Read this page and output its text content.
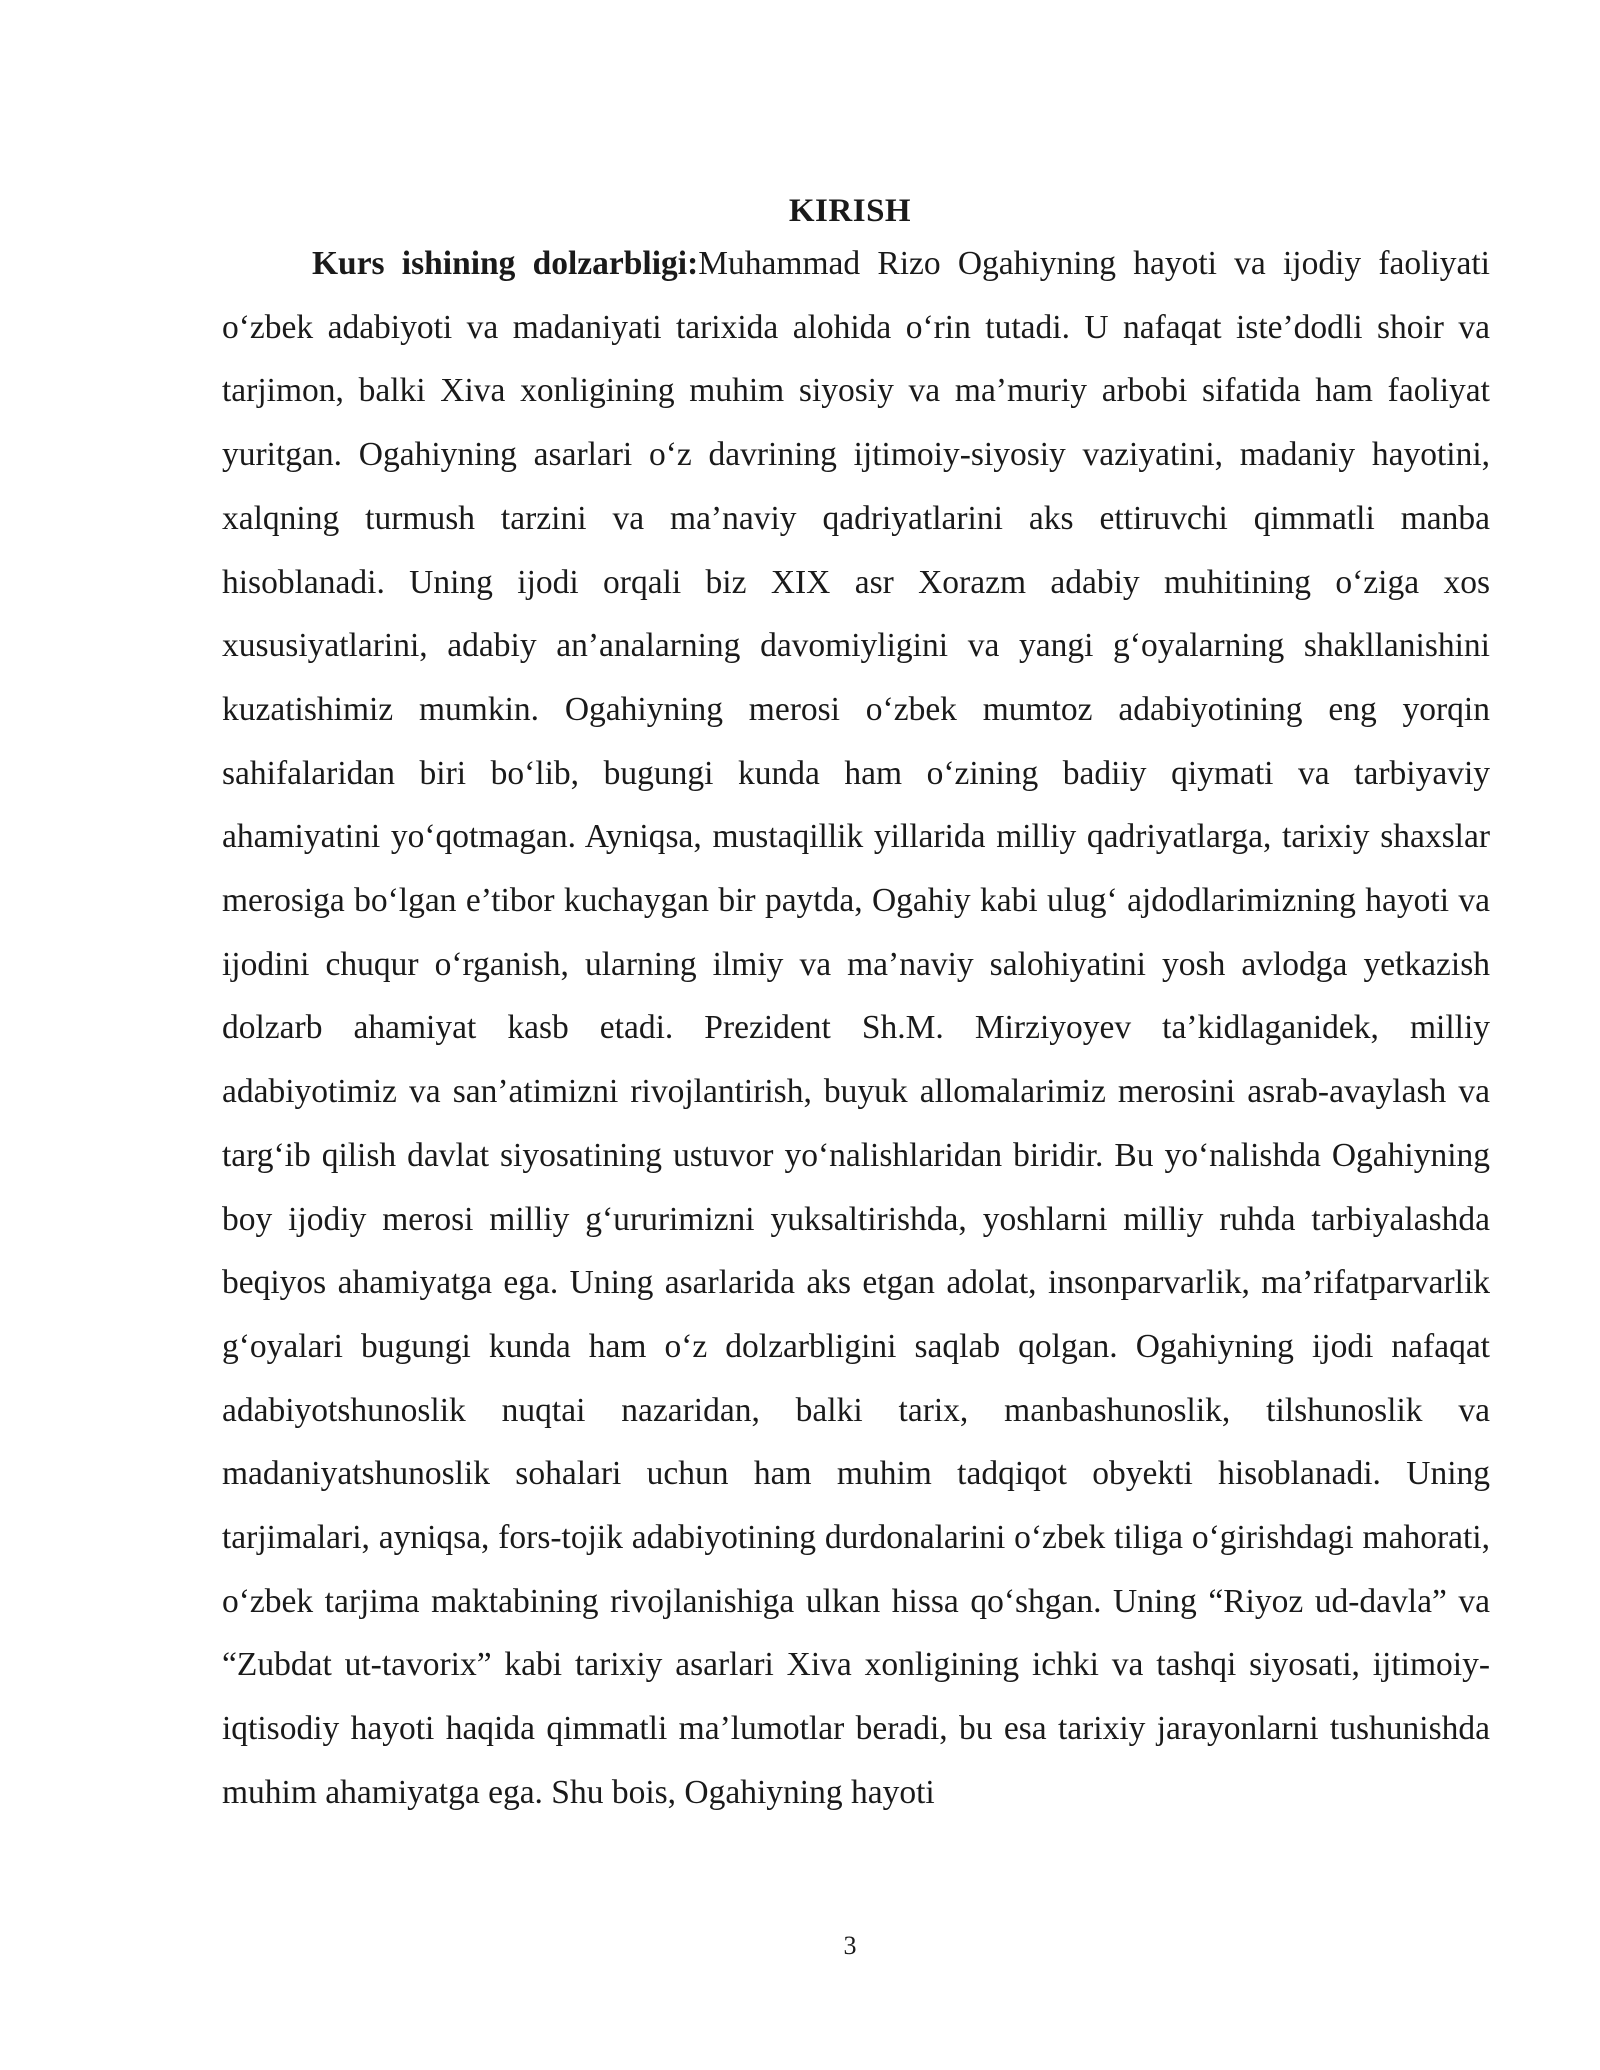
KIRISH

Kurs ishining dolzarbligi:Muhammad Rizo Ogahiyning hayoti va ijodiy faoliyati o‘zbek adabiyoti va madaniyati tarixida alohida o‘rin tutadi. U nafaqat iste’dodli shoir va tarjimon, balki Xiva xonligining muhim siyosiy va ma’muriy arbobi sifatida ham faoliyat yuritgan. Ogahiyning asarlari o‘z davrining ijtimoiy-siyosiy vaziyatini, madaniy hayotini, xalqning turmush tarzini va ma’naviy qadriyatlarini aks ettiruvchi qimmatli manba hisoblanadi. Uning ijodi orqali biz XIX asr Xorazm adabiy muhitining o‘ziga xos xususiyatlarini, adabiy an’analarning davomiyligini va yangi g‘oyalarning shakllanishini kuzatishimiz mumkin. Ogahiyning merosi o‘zbek mumtoz adabiyotining eng yorqin sahifalaridan biri bo‘lib, bugungi kunda ham o‘zining badiiy qiymati va tarbiyaviy ahamiyatini yo‘qotmagan. Ayniqsa, mustaqillik yillarida milliy qadriyatlarga, tarixiy shaxslar merosiga bo‘lgan e’tibor kuchaygan bir paytda, Ogahiy kabi ulug‘ ajdodlarimizning hayoti va ijodini chuqur o‘rganish, ularning ilmiy va ma’naviy salohiyatini yosh avlodga yetkazish dolzarb ahamiyat kasb etadi. Prezident Sh.M. Mirziyoyev ta’kidlaganidek, milliy adabiyotimiz va san’atimizni rivojlantirish, buyuk allomalarimiz merosini asrab-avaylash va targ‘ib qilish davlat siyosatining ustuvor yo‘nalishlaridan biridir. Bu yo‘nalishda Ogahiyning boy ijodiy merosi milliy g‘ururimizni yuksaltirishda, yoshlarni milliy ruhda tarbiyalashda beqiyos ahamiyatga ega. Uning asarlarida aks etgan adolat, insonparvarlik, ma’rifatparvarlik g‘oyalari bugungi kunda ham o‘z dolzarbligini saqlab qolgan. Ogahiyning ijodi nafaqat adabiyotshunoslik nuqtai nazaridan, balki tarix, manbashunoslik, tilshunoslik va madaniyatshunoslik sohalari uchun ham muhim tadqiqot obyekti hisoblanadi. Uning tarjimalari, ayniqsa, fors-tojik adabiyotining durdonalarini o‘zbek tiliga o‘girishdagi mahorati, o‘zbek tarjima maktabining rivojlanishiga ulkan hissa qo‘shgan. Uning “Riyoz ud-davla” va “Zubdat ut-tavorix” kabi tarixiy asarlari Xiva xonligining ichki va tashqi siyosati, ijtimoiy-iqtisodiy hayoti haqida qimmatli ma’lumotlar beradi, bu esa tarixiy jarayonlarni tushunishda muhim ahamiyatga ega. Shu bois, Ogahiyning hayoti

3
